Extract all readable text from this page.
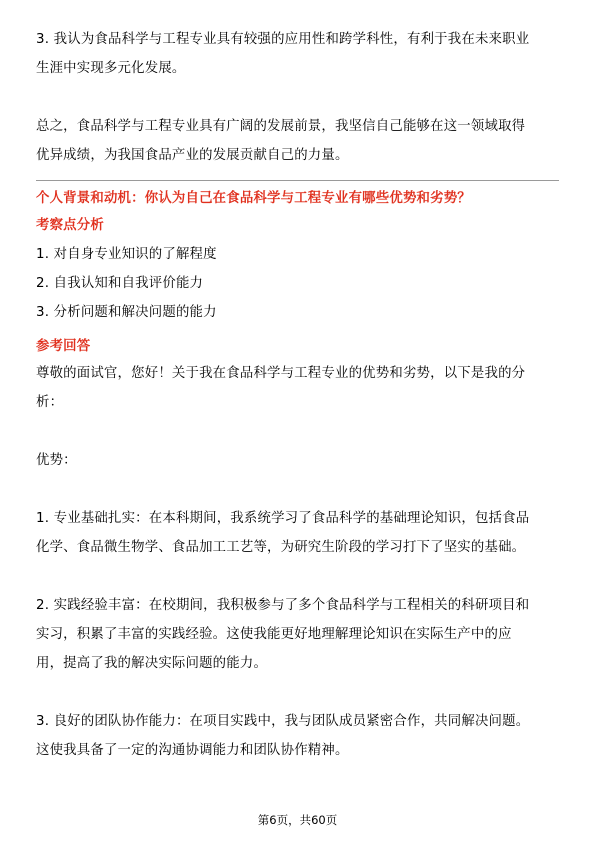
3. 我认为食品科学与工程专业具有较强的应用性和跨学科性，有利于我在未来职业
生涯中实现多元化发展。
总之，食品科学与工程专业具有广阔的发展前景，我坚信自己能够在这一领域取得
优异成绩，为我国食品产业的发展贡献自己的力量。
个人背景和动机：你认为自己在食品科学与工程专业有哪些优势和劣势？
考察点分析
1. 对自身专业知识的了解程度
2. 自我认知和自我评价能力
3. 分析问题和解决问题的能力
参考回答
尊敬的面试官，您好！关于我在食品科学与工程专业的优势和劣势，以下是我的分
析：
优势：
1. 专业基础扎实：在本科期间，我系统学习了食品科学的基础理论知识，包括食品
化学、食品微生物学、食品加工工艺等，为研究生阶段的学习打下了坚实的基础。
2. 实践经验丰富：在校期间，我积极参与了多个食品科学与工程相关的科研项目和
实习，积累了丰富的实践经验。这使我能更好地理解理论知识在实际生产中的应
用，提高了我的解决实际问题的能力。
3. 良好的团队协作能力：在项目实践中，我与团队成员紧密合作，共同解决问题。
这使我具备了一定的沟通协调能力和团队协作精神。
第6页，共60页
